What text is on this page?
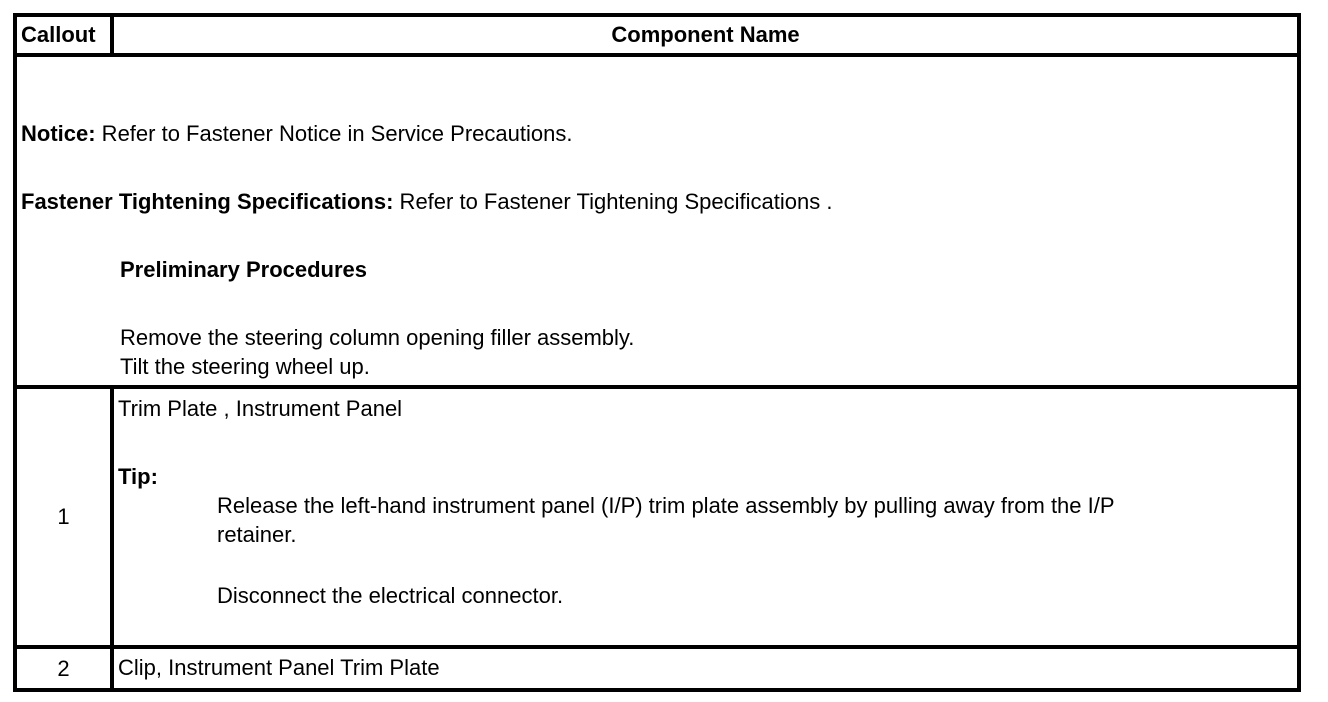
Callout	Component Name
Notice: Refer to Fastener Notice in Service Precautions.
Fastener Tightening Specifications: Refer to Fastener Tightening Specifications .
Preliminary Procedures
Remove the steering column opening filler assembly.
Tilt the steering wheel up.
1
Trim Plate , Instrument Panel
Tip:
Release the left-hand instrument panel (I/P) trim plate assembly by pulling away from the I/P
retainer.
Disconnect the electrical connector.
2	Clip, Instrument Panel Trim Plate
